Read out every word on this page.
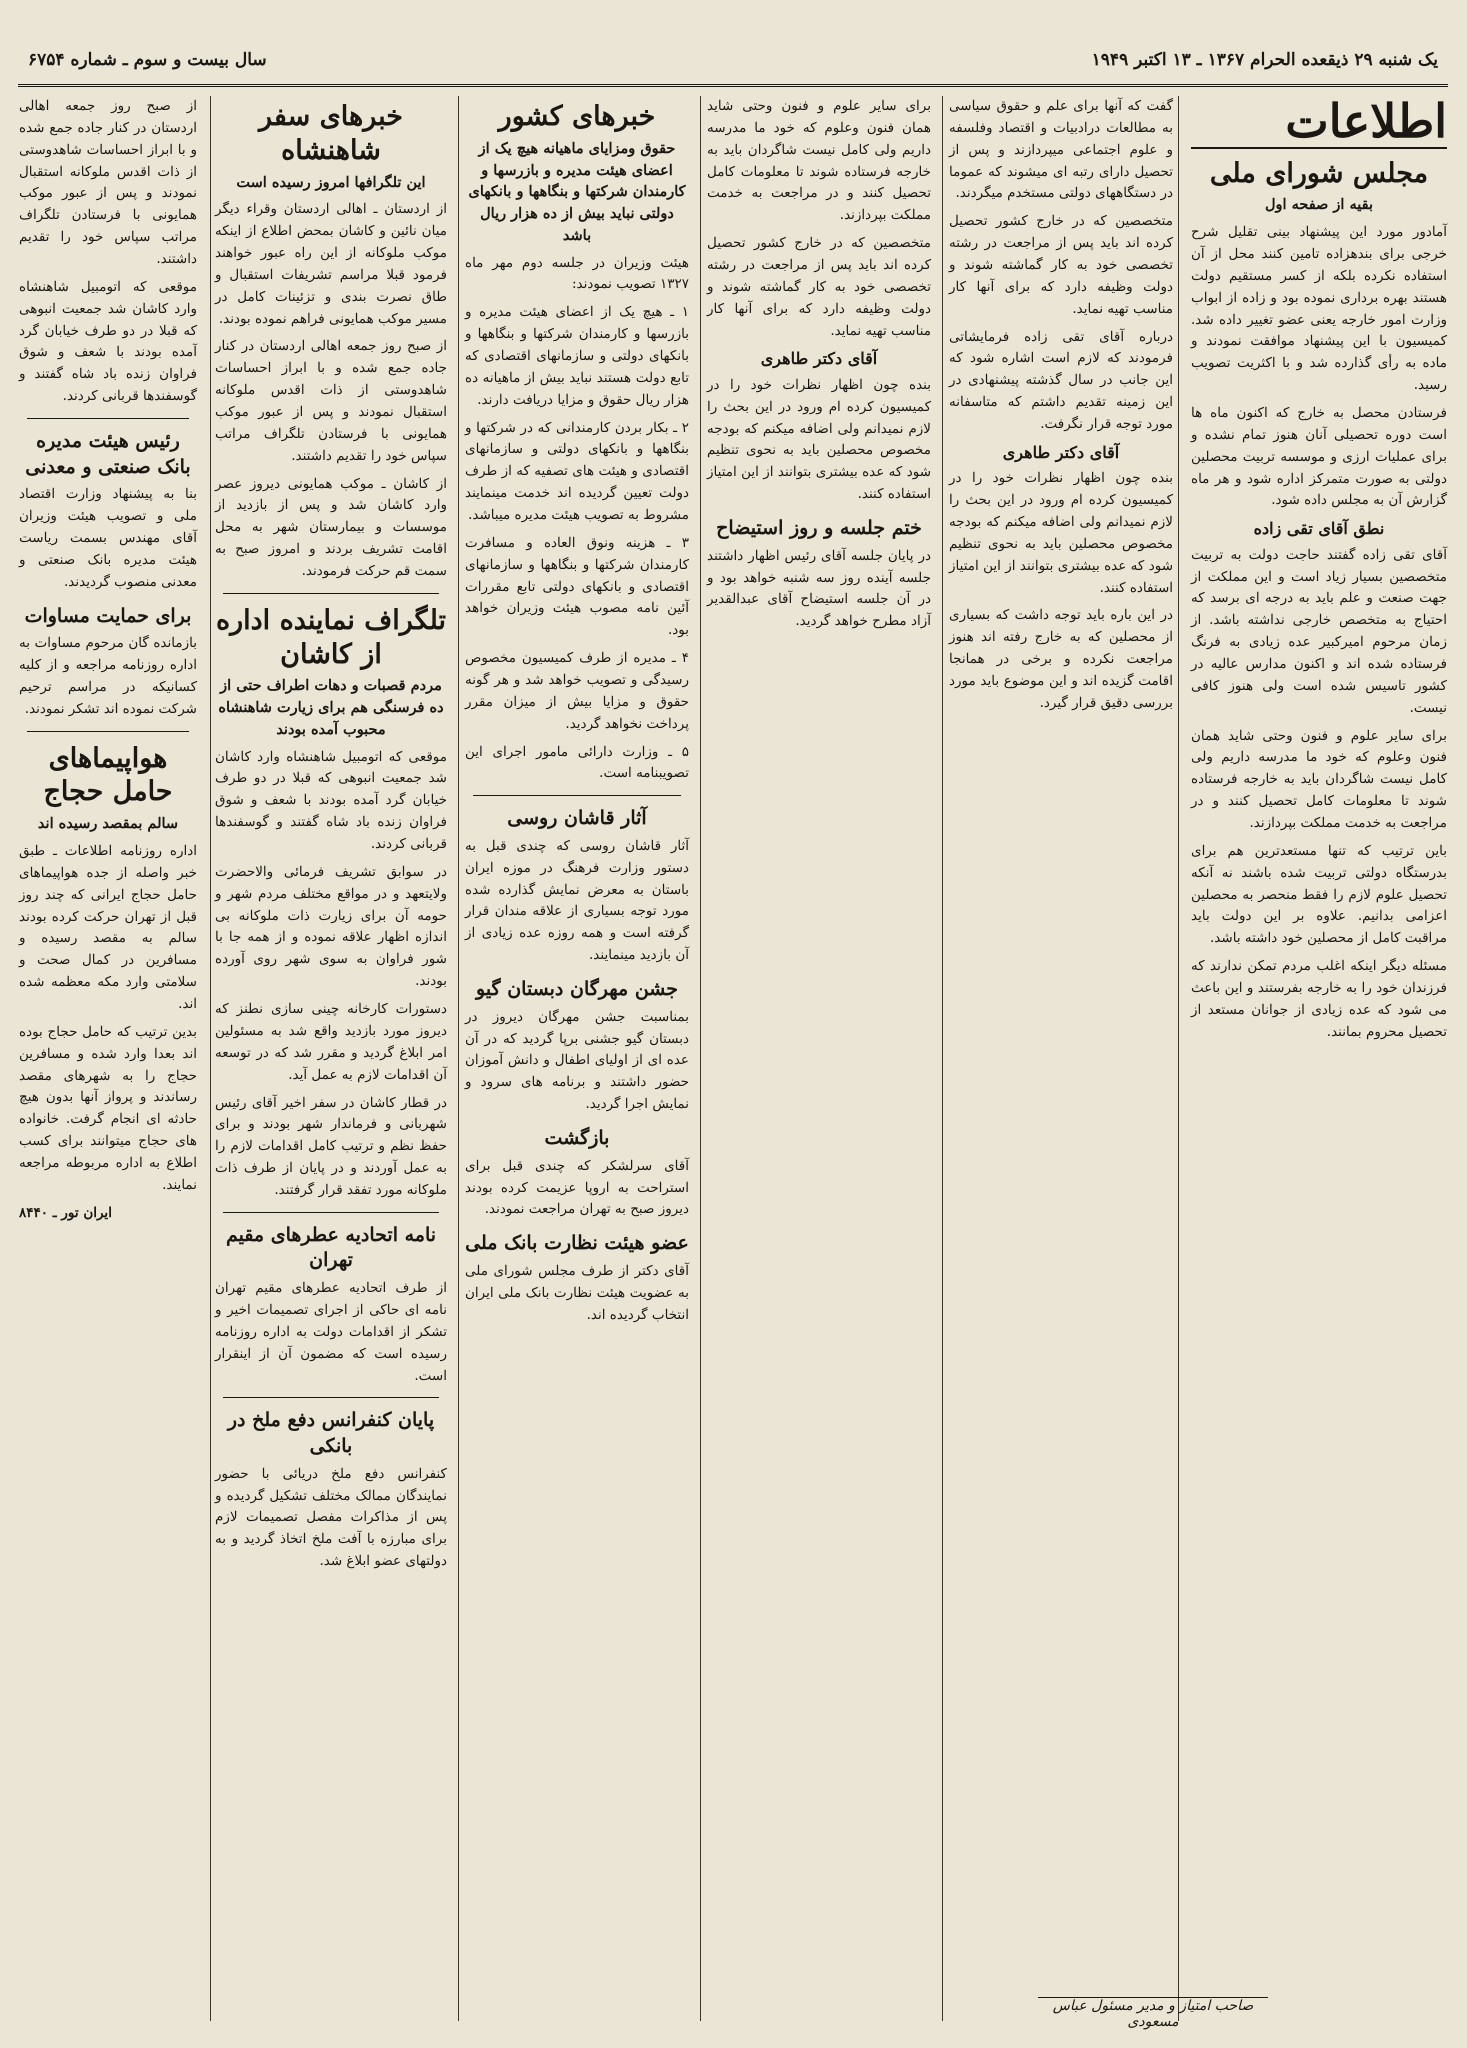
یک شنبه ۲۹ ذیقعده الحرام ۱۳۶۷ ـ ۱۳ اکتبر ۱۹۴۹
سال بیست و سوم ـ شماره ۶۷۵۴
اطلاعات
مجلس شورای ملی
بقیه از صفحه اول

آمادور مورد این پیشنهاد بینی تقلیل شرح خرجی برای بندهزاده تامین کنند محل از آن استفاده نکرده بلکه از کسر مستقیم دولت هستند بهره برداری نموده بود و زاده از ابواب وزارت امور خارجه یعنی عضو تغییر داده شد. کمیسیون با این پیشنهاد موافقت نمودند و ماده به رأی گذارده شد و با اکثریت تصویب رسید.

فرستادن محصل به خارج که اکنون ماه ها است دوره تحصیلی آنان هنوز تمام نشده و برای عملیات ارزی و موسسه تربیت محصلین دولتی به صورت متمرکز اداره شود و هر ماه گزارش آن به مجلس داده شود.

نطق آقای تقی زاده

آقای تقی زاده گفتند حاجت دولت به تربیت متخصصین بسیار زیاد است و این مملکت از جهت صنعت و علم باید به درجه ای برسد که احتیاج به متخصص خارجی نداشته باشد. از زمان مرحوم امیرکبیر عده زیادی به فرنگ فرستاده شده اند و اکنون مدارس عالیه در کشور تاسیس شده است ولی هنوز کافی نیست.

برای سایر علوم و فنون وحتی شاید همان فنون وعلوم که خود ما مدرسه داریم ولی کامل نیست شاگردان باید به خارجه فرستاده شوند تا معلومات کامل تحصیل کنند و در مراجعت به خدمت مملکت بپردازند.

باین ترتیب که تنها مستعدترین هم برای بدرستگاه دولتی تربیت شده باشند نه آنکه تحصیل علوم لازم را فقط منحصر به محصلین اعزامی بدانیم. علاوه بر این دولت باید مراقبت کامل از محصلین خود داشته باشد.

مسئله دیگر اینکه اغلب مردم تمکن ندارند که فرزندان خود را به خارجه بفرستند و این باعث می شود که عده زیادی از جوانان مستعد از تحصیل محروم بمانند.

گفت که آنها برای علم و حقوق سیاسی به مطالعات درادبیات و اقتصاد وفلسفه و علوم اجتماعی میپردازند و پس از تحصیل دارای رتبه ای میشوند که عموما در دستگاههای دولتی مستخدم میگردند.

متخصصین که در خارج کشور تحصیل کرده اند باید پس از مراجعت در رشته تخصصی خود به کار گماشته شوند و دولت وظیفه دارد که برای آنها کار مناسب تهیه نماید.

درباره آقای تقی زاده فرمایشاتی فرمودند که لازم است اشاره شود که این جانب در سال گذشته پیشنهادی در این زمینه تقدیم داشتم که متاسفانه مورد توجه قرار نگرفت.

آقای دکتر طاهری

بنده چون اظهار نظرات خود را در کمیسیون کرده ام ورود در این بحث را لازم نمیدانم ولی اضافه میکنم که بودجه مخصوص محصلین باید به نحوی تنظیم شود که عده بیشتری بتوانند از این امتیاز استفاده کنند.

در این باره باید توجه داشت که بسیاری از محصلین که به خارج رفته اند هنوز مراجعت نکرده و برخی در همانجا اقامت گزیده اند و این موضوع باید مورد بررسی دقیق قرار گیرد.

برای سایر علوم و فنون وحتی شاید همان فنون وعلوم که خود ما مدرسه داریم ولی کامل نیست شاگردان باید به خارجه فرستاده شوند تا معلومات کامل تحصیل کنند و در مراجعت به خدمت مملکت بپردازند.

متخصصین که در خارج کشور تحصیل کرده اند باید پس از مراجعت در رشته تخصصی خود به کار گماشته شوند و دولت وظیفه دارد که برای آنها کار مناسب تهیه نماید.

آقای دکتر طاهری

بنده چون اظهار نظرات خود را در کمیسیون کرده ام ورود در این بحث را لازم نمیدانم ولی اضافه میکنم که بودجه مخصوص محصلین باید به نحوی تنظیم شود که عده بیشتری بتوانند از این امتیاز استفاده کنند.

ختم جلسه و روز استیضاح

در پایان جلسه آقای رئیس اظهار داشتند جلسه آینده روز سه شنبه خواهد بود و در آن جلسه استیضاح آقای عبدالقدیر آزاد مطرح خواهد گردید.

خبرهای کشور
حقوق ومزایای ماهیانه هیچ یک از اعضای هیئت مدیره و بازرسها و کارمندان شرکتها و بنگاهها و بانکهای دولتی نباید بیش از ده هزار ریال باشد

هیئت وزیران در جلسه دوم مهر ماه ۱۳۲۷ تصویب نمودند:

۱ ـ هیچ یک از اعضای هیئت مدیره و بازرسها و کارمندان شرکتها و بنگاهها و بانکهای دولتی و سازمانهای اقتصادی که تابع دولت هستند نباید بیش از ماهیانه ده هزار ریال حقوق و مزایا دریافت دارند.

۲ ـ بکار بردن کارمندانی که در شرکتها و بنگاهها و بانکهای دولتی و سازمانهای اقتصادی و هیئت های تصفیه که از طرف دولت تعیین گردیده اند خدمت مینمایند مشروط به تصویب هیئت مدیره میباشد.

۳ ـ هزینه ونوق العاده و مسافرت کارمندان شرکتها و بنگاهها و سازمانهای اقتصادی و بانکهای دولتی تابع مقررات آئین نامه مصوب هیئت وزیران خواهد بود.

۴ ـ مدیره از طرف کمیسیون مخصوص رسیدگی و تصویب خواهد شد و هر گونه حقوق و مزایا بیش از میزان مقرر پرداخت نخواهد گردید.

۵ ـ وزارت دارائی مامور اجرای این تصویبنامه است.

آثار قاشان روسی

آثار قاشان روسی که چندی قبل به دستور وزارت فرهنگ در موزه ایران باستان به معرض نمایش گذارده شده مورد توجه بسیاری از علاقه مندان قرار گرفته است و همه روزه عده زیادی از آن بازدید مینمایند.

جشن مهرگان دبستان گیو

بمناسبت جشن مهرگان دیروز در دبستان گیو جشنی برپا گردید که در آن عده ای از اولیای اطفال و دانش آموزان حضور داشتند و برنامه های سرود و نمایش اجرا گردید.

بازگشت

آقای سرلشکر که چندی قبل برای استراحت به اروپا عزیمت کرده بودند دیروز صبح به تهران مراجعت نمودند.

عضو هیئت نظارت بانک ملی

آقای دکتر از طرف مجلس شورای ملی به عضویت هیئت نظارت بانک ملی ایران انتخاب گردیده اند.

خبرهای سفر شاهنشاه
این تلگرافها امروز رسیده است

از اردستان ـ اهالی اردستان وقراء دیگر میان نائین و کاشان بمحض اطلاع از اینکه موکب ملوکانه از این راه عبور خواهند فرمود قبلا مراسم تشریفات استقبال و طاق نصرت بندی و تزئینات کامل در مسیر موکب همایونی فراهم نموده بودند.

از صبح روز جمعه اهالی اردستان در کنار جاده جمع شده و با ابراز احساسات شاهدوستی از ذات اقدس ملوکانه استقبال نمودند و پس از عبور موکب همایونی با فرستادن تلگراف مراتب سپاس خود را تقدیم داشتند.

از کاشان ـ موکب همایونی دیروز عصر وارد کاشان شد و پس از بازدید از موسسات و بیمارستان شهر به محل اقامت تشریف بردند و امروز صبح به سمت قم حرکت فرمودند.

تلگراف نماینده اداره از کاشان
مردم قصبات و دهات اطراف حتی از ده فرسنگی هم برای زیارت شاهنشاه محبوب آمده بودند

موقعی که اتومبیل شاهنشاه وارد کاشان شد جمعیت انبوهی که قبلا در دو طرف خیابان گرد آمده بودند با شعف و شوق فراوان زنده باد شاه گفتند و گوسفندها قربانی کردند.

در سوابق تشریف فرمائی والاحضرت ولایتعهد و در مواقع مختلف مردم شهر و حومه آن برای زیارت ذات ملوکانه بی اندازه اظهار علاقه نموده و از همه جا با شور فراوان به سوی شهر روی آورده بودند.

دستورات کارخانه چینی سازی نطنز که دیروز مورد بازدید واقع شد به مسئولین امر ابلاغ گردید و مقرر شد که در توسعه آن اقدامات لازم به عمل آید.

در قطار کاشان در سفر اخیر آقای رئیس شهربانی و فرماندار شهر بودند و برای حفظ نظم و ترتیب کامل اقدامات لازم را به عمل آوردند و در پایان از طرف ذات ملوکانه مورد تفقد قرار گرفتند.

نامه اتحادیه عطرهای مقیم تهران

از طرف اتحادیه عطرهای مقیم تهران نامه ای حاکی از اجرای تصمیمات اخیر و تشکر از اقدامات دولت به اداره روزنامه رسیده است که مضمون آن از اینقرار است.

پایان کنفرانس دفع ملخ در بانکی

کنفرانس دفع ملخ دریائی با حضور نمایندگان ممالک مختلف تشکیل گردیده و پس از مذاکرات مفصل تصمیمات لازم برای مبارزه با آفت ملخ اتخاذ گردید و به دولتهای عضو ابلاغ شد.

از صبح روز جمعه اهالی اردستان در کنار جاده جمع شده و با ابراز احساسات شاهدوستی از ذات اقدس ملوکانه استقبال نمودند و پس از عبور موکب همایونی با فرستادن تلگراف مراتب سپاس خود را تقدیم داشتند.

موقعی که اتومبیل شاهنشاه وارد کاشان شد جمعیت انبوهی که قبلا در دو طرف خیابان گرد آمده بودند با شعف و شوق فراوان زنده باد شاه گفتند و گوسفندها قربانی کردند.

رئیس هیئت مدیره بانک صنعتی و معدنی

بنا به پیشنهاد وزارت اقتصاد ملی و تصویب هیئت وزیران آقای مهندس بسمت ریاست هیئت مدیره بانک صنعتی و معدنی منصوب گردیدند.

برای حمایت مساوات

بازمانده گان مرحوم مساوات به اداره روزنامه مراجعه و از کلیه کسانیکه در مراسم ترحیم شرکت نموده اند تشکر نمودند.

هواپیماهای حامل حجاج
سالم بمقصد رسیده اند

اداره روزنامه اطلاعات ـ طبق خبر واصله از جده هواپیماهای حامل حجاج ایرانی که چند روز قبل از تهران حرکت کرده بودند سالم به مقصد رسیده و مسافرین در کمال صحت و سلامتی وارد مکه معظمه شده اند.

بدین ترتیب که حامل حجاج بوده اند بعدا وارد شده و مسافرین حجاج را به شهرهای مقصد رساندند و پرواز آنها بدون هیچ حادثه ای انجام گرفت. خانواده های حجاج میتوانند برای کسب اطلاع به اداره مربوطه مراجعه نمایند.

ایران تور ـ ۸۴۴۰

صاحب امتیاز و مدیر مسئول عباس مسعودی
